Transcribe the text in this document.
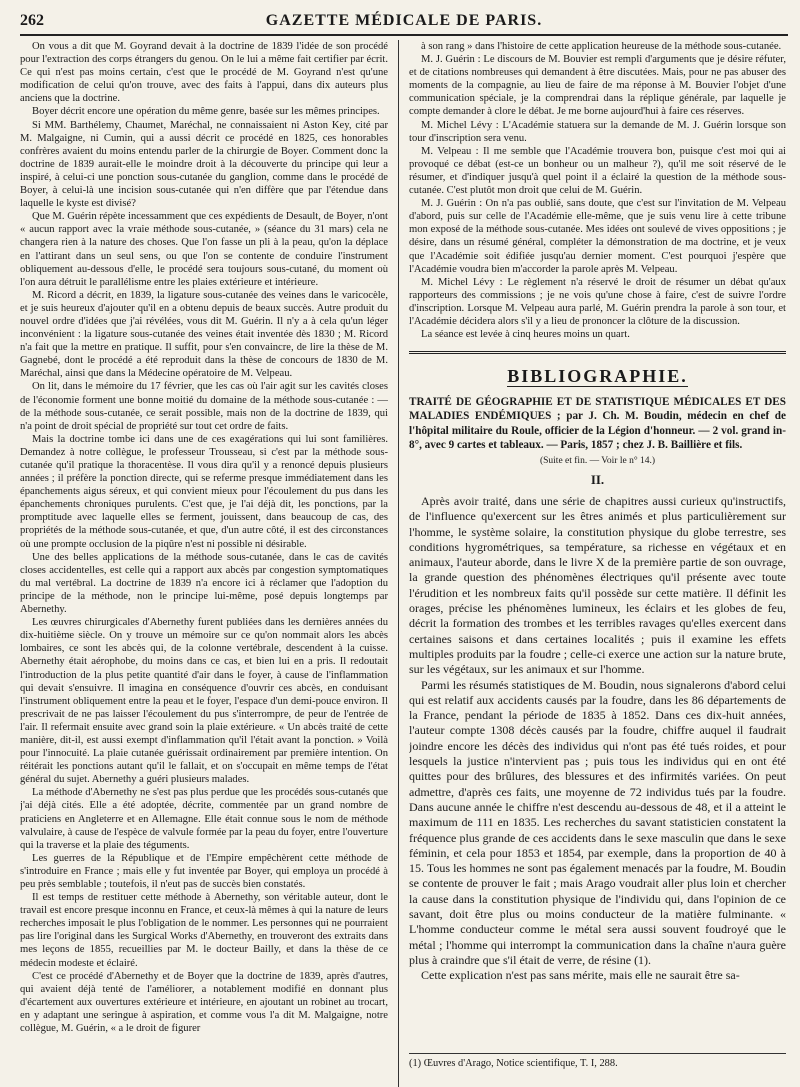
262	GAZETTE MÉDICALE DE PARIS.

On vous a dit que M. Goyrand devait à la doctrine de 1839 l'idée de son procédé pour l'extraction des corps étrangers du genou. On le lui a même fait certifier par écrit. Ce qui n'est pas moins certain, c'est que le procédé de M. Goyrand n'est qu'une modification de celui qu'on trouve, avec des faits à l'appui, dans dix auteurs plus anciens que la doctrine.

Boyer décrit encore une opération du même genre, basée sur les mêmes principes.

Si MM. Barthélemy, Chaumet, Maréchal, ne connaissaient ni Aston Key, cité par M. Malgaigne, ni Cumin, qui a aussi décrit ce procédé en 1825, ces honorables confrères avaient du moins entendu parler de la chirurgie de Boyer. Comment donc la doctrine de 1839 aurait-elle le moindre droit à la découverte du principe qui leur a inspiré, à celui-ci une ponction sous-cutanée du ganglion, comme dans le procédé de Boyer, à celui-là une incision sous-cutanée qui n'en diffère que par l'étendue dans laquelle le kyste est divisé?

Que M. Guérin répète incessamment que ces expédients de Desault, de Boyer, n'ont « aucun rapport avec la vraie méthode sous-cutanée, » (séance du 31 mars) cela ne changera rien à la nature des choses. Que l'on fasse un pli à la peau, qu'on la déplace en l'attirant dans un seul sens, ou que l'on se contente de conduire l'instrument obliquement au-dessous d'elle, le procédé sera toujours sous-cutané, du moment où l'on aura détruit le parallélisme entre les plaies extérieure et intérieure.

M. Ricord a décrit, en 1839, la ligature sous-cutanée des veines dans le varicocèle, et je suis heureux d'ajouter qu'il en a obtenu depuis de beaux succès. Autre produit du nouvel ordre d'idées que j'ai révélées, vous dit M. Guérin. Il n'y a à cela qu'un léger inconvénient : la ligature sous-cutanée des veines était inventée dès 1830 ; M. Ricord n'a fait que la mettre en pratique. Il suffit, pour s'en convaincre, de lire la thèse de M. Gagnebé, dont le procédé a été reproduit dans la thèse de concours de 1830 de M. Maréchal, ainsi que dans la Médecine opératoire de M. Velpeau.

On lit, dans le mémoire du 17 février, que les cas où l'air agit sur les cavités closes de l'économie forment une bonne moitié du domaine de la méthode sous-cutanée : — de la méthode sous-cutanée, ce serait possible, mais non de la doctrine de 1839, qui n'a point de droit spécial de propriété sur tout cet ordre de faits.

Mais la doctrine tombe ici dans une de ces exagérations qui lui sont familières. Demandez à notre collègue, le professeur Trousseau, si c'est par la méthode sous-cutanée qu'il pratique la thoracentèse. Il vous dira qu'il y a renoncé depuis plusieurs années ; il préfère la ponction directe, qui se referme presque immédiatement dans les épanchements aigus séreux, et qui convient mieux pour l'écoulement du pus dans les épanchements chroniques purulents. C'est que, je l'ai déjà dit, les ponctions, par la promptitude avec laquelle elles se ferment, jouissent, dans beaucoup de cas, des propriétés de la méthode sous-cutanée, et que, d'un autre côté, il est des circonstances où une prompte occlusion de la piqûre n'est ni possible ni désirable.

Une des belles applications de la méthode sous-cutanée, dans le cas de cavités closes accidentelles, est celle qui a rapport aux abcès par congestion symptomatiques du mal vertébral. La doctrine de 1839 n'a encore ici à réclamer que l'adoption du principe de la méthode, non le principe lui-même, posé depuis longtemps par Abernethy.

Les œuvres chirurgicales d'Abernethy furent publiées dans les dernières années du dix-huitième siècle. On y trouve un mémoire sur ce qu'on nommait alors les abcès lombaires, ce sont les abcès qui, de la colonne vertébrale, descendent à la cuisse. Abernethy était aérophobe, du moins dans ce cas, et bien lui en a pris. Il redoutait l'introduction de la plus petite quantité d'air dans le foyer, à cause de l'inflammation qui devait s'ensuivre. Il imagina en conséquence d'ouvrir ces abcès, en conduisant l'instrument obliquement entre la peau et le foyer, l'espace d'un demi-pouce environ. Il prescrivait de ne pas laisser l'écoulement du pus s'interrompre, de peur de l'entrée de l'air. Il refermait ensuite avec grand soin la plaie extérieure. « Un abcès traité de cette manière, dit-il, est aussi exempt d'inflammation qu'il l'était avant la ponction. » Voilà pour l'innocuité. La plaie cutanée guérissait ordinairement par première intention. On réitérait les ponctions autant qu'il le fallait, et on s'occupait en même temps de l'état général du sujet. Abernethy a guéri plusieurs malades.

La méthode d'Abernethy ne s'est pas plus perdue que les procédés sous-cutanés que j'ai déjà cités. Elle a été adoptée, décrite, commentée par un grand nombre de praticiens en Angleterre et en Allemagne. Elle était connue sous le nom de méthode valvulaire, à cause de l'espèce de valvule formée par la peau du foyer, entre l'ouverture qui la traverse et la plaie des téguments.

Les guerres de la République et de l'Empire empêchèrent cette méthode de s'introduire en France ; mais elle y fut inventée par Boyer, qui employa un procédé à peu près semblable ; toutefois, il n'eut pas de succès bien constatés.

Il est temps de restituer cette méthode à Abernethy, son véritable auteur, dont le travail est encore presque inconnu en France, et ceux-là mêmes à qui la nature de leurs recherches imposait le plus l'obligation de le nommer. Les personnes qui ne pourraient pas lire l'original dans les Surgical Works d'Abernethy, en trouveront des extraits dans mes leçons de 1855, recueillies par M. le docteur Bailly, et dans la thèse de ce médecin modeste et éclairé.

C'est ce procédé d'Abernethy et de Boyer que la doctrine de 1839, après d'autres, qui avaient déjà tenté de l'améliorer, a notablement modifié en donnant plus d'écartement aux ouvertures extérieure et intérieure, en ajoutant un robinet au trocart, en y adaptant une seringue à aspiration, et comme vous l'a dit M. Malgaigne, notre collègue, M. Guérin, « a le droit de figurer

à son rang » dans l'histoire de cette application heureuse de la méthode sous-cutanée.

M. J. Guérin : Le discours de M. Bouvier est rempli d'arguments que je désire réfuter, et de citations nombreuses qui demandent à être discutées. Mais, pour ne pas abuser des moments de la compagnie, au lieu de faire de ma réponse à M. Bouvier l'objet d'une communication spéciale, je la comprendrai dans la réplique générale, par laquelle je compte demander à clore le débat. Je me borne aujourd'hui à faire ces réserves.

M. Michel Lévy : L'Académie statuera sur la demande de M. J. Guérin lorsque son tour d'inscription sera venu.

M. Velpeau : Il me semble que l'Académie trouvera bon, puisque c'est moi qui ai provoqué ce débat (est-ce un bonheur ou un malheur ?), qu'il me soit réservé de le résumer, et d'indiquer jusqu'à quel point il a éclairé la question de la méthode sous-cutanée. C'est plutôt mon droit que celui de M. Guérin.

M. J. Guérin : On n'a pas oublié, sans doute, que c'est sur l'invitation de M. Velpeau d'abord, puis sur celle de l'Académie elle-même, que je suis venu lire à cette tribune mon exposé de la méthode sous-cutanée. Mes idées ont soulevé de vives oppositions ; je désire, dans un résumé général, compléter la démonstration de ma doctrine, et je veux que l'Académie soit édifiée jusqu'au dernier moment. C'est pourquoi j'espère que l'Académie voudra bien m'accorder la parole après M. Velpeau.

M. Michel Lévy : Le règlement n'a réservé le droit de résumer un débat qu'aux rapporteurs des commissions ; je ne vois qu'une chose à faire, c'est de suivre l'ordre d'inscription. Lorsque M. Velpeau aura parlé, M. Guérin prendra la parole à son tour, et l'Académie décidera alors s'il y a lieu de prononcer la clôture de la discussion.

La séance est levée à cinq heures moins un quart.

BIBLIOGRAPHIE.
TRAITÉ DE GÉOGRAPHIE ET DE STATISTIQUE MÉDICALES ET DES MALADIES ENDÉMIQUES ; par J. Ch. M. Boudin, médecin en chef de l'hôpital militaire du Roule, officier de la Légion d'honneur. — 2 vol. grand in-8°, avec 9 cartes et tableaux. — Paris, 1857 ; chez J. B. Baillière et fils.
(Suite et fin. — Voir le n° 14.)
II.

Après avoir traité, dans une série de chapitres aussi curieux qu'instructifs, de l'influence qu'exercent sur les êtres animés et plus particulièrement sur l'homme, le système solaire, la constitution physique du globe terrestre, ses conditions hygrométriques, sa température, sa richesse en végétaux et en animaux, l'auteur aborde, dans le livre X de la première partie de son ouvrage, la grande question des phénomènes électriques qu'il présente avec toute l'érudition et les nombreux faits qu'il possède sur cette matière. Il définit les orages, précise les phénomènes lumineux, les éclairs et les globes de feu, décrit la formation des trombes et les terribles ravages qu'elles exercent dans certaines saisons et dans certaines localités ; puis il examine les effets multiples produits par la foudre ; celle-ci exerce une action sur la nature brute, sur les végétaux, sur les animaux et sur l'homme.

Parmi les résumés statistiques de M. Boudin, nous signalerons d'abord celui qui est relatif aux accidents causés par la foudre, dans les 86 départements de la France, pendant la période de 1835 à 1852. Dans ces dix-huit années, l'auteur compte 1308 décès causés par la foudre, chiffre auquel il faudrait joindre encore les décès des individus qui n'ont pas été tués roides, et pour lesquels la justice n'intervient pas ; puis tous les individus qui en ont été quittes pour des brûlures, des blessures et des infirmités variées. On peut admettre, d'après ces faits, une moyenne de 72 individus tués par la foudre. Dans aucune année le chiffre n'est descendu au-dessous de 48, et il a atteint le maximum de 111 en 1835. Les recherches du savant statisticien constatent la fréquence plus grande de ces accidents dans le sexe masculin que dans le sexe féminin, et cela pour 1853 et 1854, par exemple, dans la proportion de 40 à 15. Tous les hommes ne sont pas également menacés par la foudre, M. Boudin se contente de prouver le fait ; mais Arago voudrait aller plus loin et chercher la cause dans la constitution physique de l'individu qui, dans l'opinion de ce savant, doit être plus ou moins conducteur de la matière fulminante. « L'homme conducteur comme le métal sera aussi souvent foudroyé que le métal ; l'homme qui interrompt la communication dans la chaîne n'aura guère plus à craindre que s'il était de verre, de résine (1).

Cette explication n'est pas sans mérite, mais elle ne saurait être sa-

(1) Œuvres d'Arago, Notice scientifique, T. I, 288.
